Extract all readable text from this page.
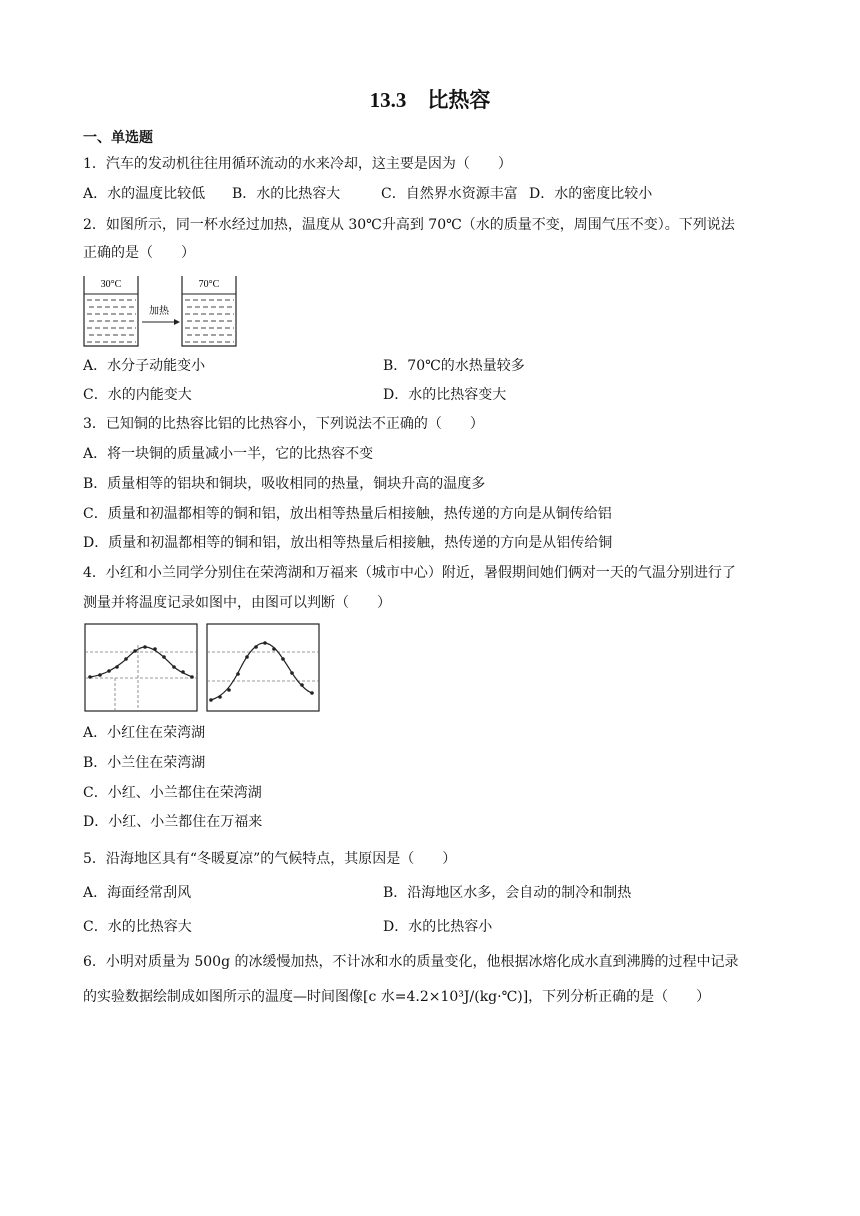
13.3　比热容
一、单选题
1．汽车的发动机往往用循环流动的水来冷却，这主要是因为（　　）
A．水的温度比较低 B．水的比热容大	C．自然界水资源丰富 D．水的密度比较小
2．如图所示，同一杯水经过加热，温度从 30℃升高到 70℃（水的质量不变，周围气压不变）。下列说法
正确的是（　　）
30°C
加热
70°C
A．水分子动能变小	B．70℃的水热量较多
C．水的内能变大	D．水的比热容变大
3．已知铜的比热容比铝的比热容小，下列说法不正确的（　　）
A．将一块铜的质量减小一半，它的比热容不变
B．质量相等的铝块和铜块，吸收相同的热量，铜块升高的温度多
C．质量和初温都相等的铜和铝，放出相等热量后相接触，热传递的方向是从铜传给铝
D．质量和初温都相等的铜和铝，放出相等热量后相接触，热传递的方向是从铝传给铜
4．小红和小兰同学分别住在荣湾湖和万福来（城市中心）附近，暑假期间她们俩对一天的气温分别进行了
测量并将温度记录如图中，由图可以判断（　　）
A．小红住在荣湾湖
B．小兰住在荣湾湖
C．小红、小兰都住在荣湾湖
D．小红、小兰都住在万福来
5．沿海地区具有“冬暖夏凉”的气候特点，其原因是（　　）
A．海面经常刮风	B．沿海地区水多，会自动的制冷和制热
C．水的比热容大	D．水的比热容小
6．小明对质量为 500g 的冰缓慢加热，不计冰和水的质量变化，他根据冰熔化成水直到沸腾的过程中记录
的实验数据绘制成如图所示的温度—时间图像[c 水=4.2×10³J/(kg·℃)]，下列分析正确的是（　　）
